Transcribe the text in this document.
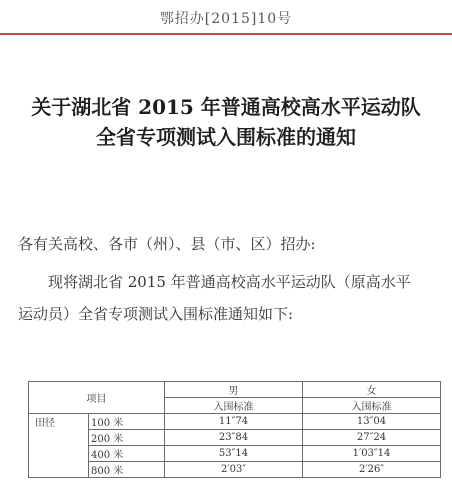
鄂招办[2015]10号
关于湖北省 2015 年普通高校高水平运动队
全省专项测试入围标准的通知
各有关高校、各市（州）、县（市、区）招办:
现将湖北省 2015 年普通高校高水平运动队（原高水平
运动员）全省专项测试入围标准通知如下:
项目		男	女
		入围标准	入围标准
田径	100 米	11″74	13″04
	200 米	23″84	27″24
	400 米	53″14	1′03″14
	800 米	2′03″	2′26″
